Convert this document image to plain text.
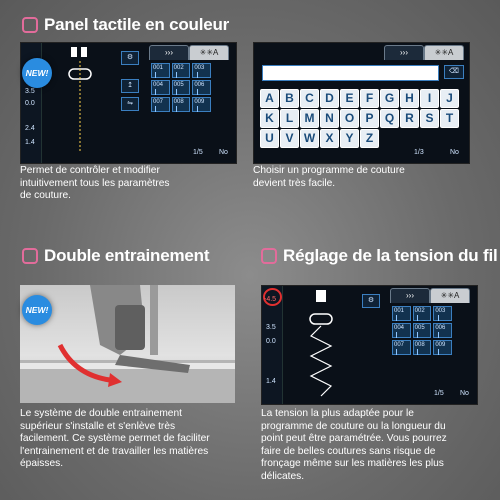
Panel tactile en couleur
3.5
0.0
2.4
1.4
⚙
↥
⇋
›››	✳✳A
001	002	003
004	005	006
007	008	009
1/5 No
NEW!
Permet de contrôler et modifier
intuitivement tous les paramètres
de couture.
›››	✳✳A
⌫
A B C D E	F G H	I	J
K	L M N O P Q R S	T
U V W X Y	Z
1/3	No
Choisir un programme de couture
devient très facile.
Double entrainement
NEW!
Le système de double entrainement
supérieur s'installe et s'enlève très
facilement. Ce système permet de faciliter
l'entrainement et de travailler les matières
épaisses.
Réglage de la tension du fil
-4.5
3.5
0.0
1.4
⚙
›››	✳✳A
001	002	003
004	005	006
007	008	009
1/5 No
La tension la plus adaptée pour le
programme de couture ou la longueur du
point peut être paramétrée. Vous pourrez
faire de belles coutures sans risque de
fronçage même sur les matières les plus
délicates.
